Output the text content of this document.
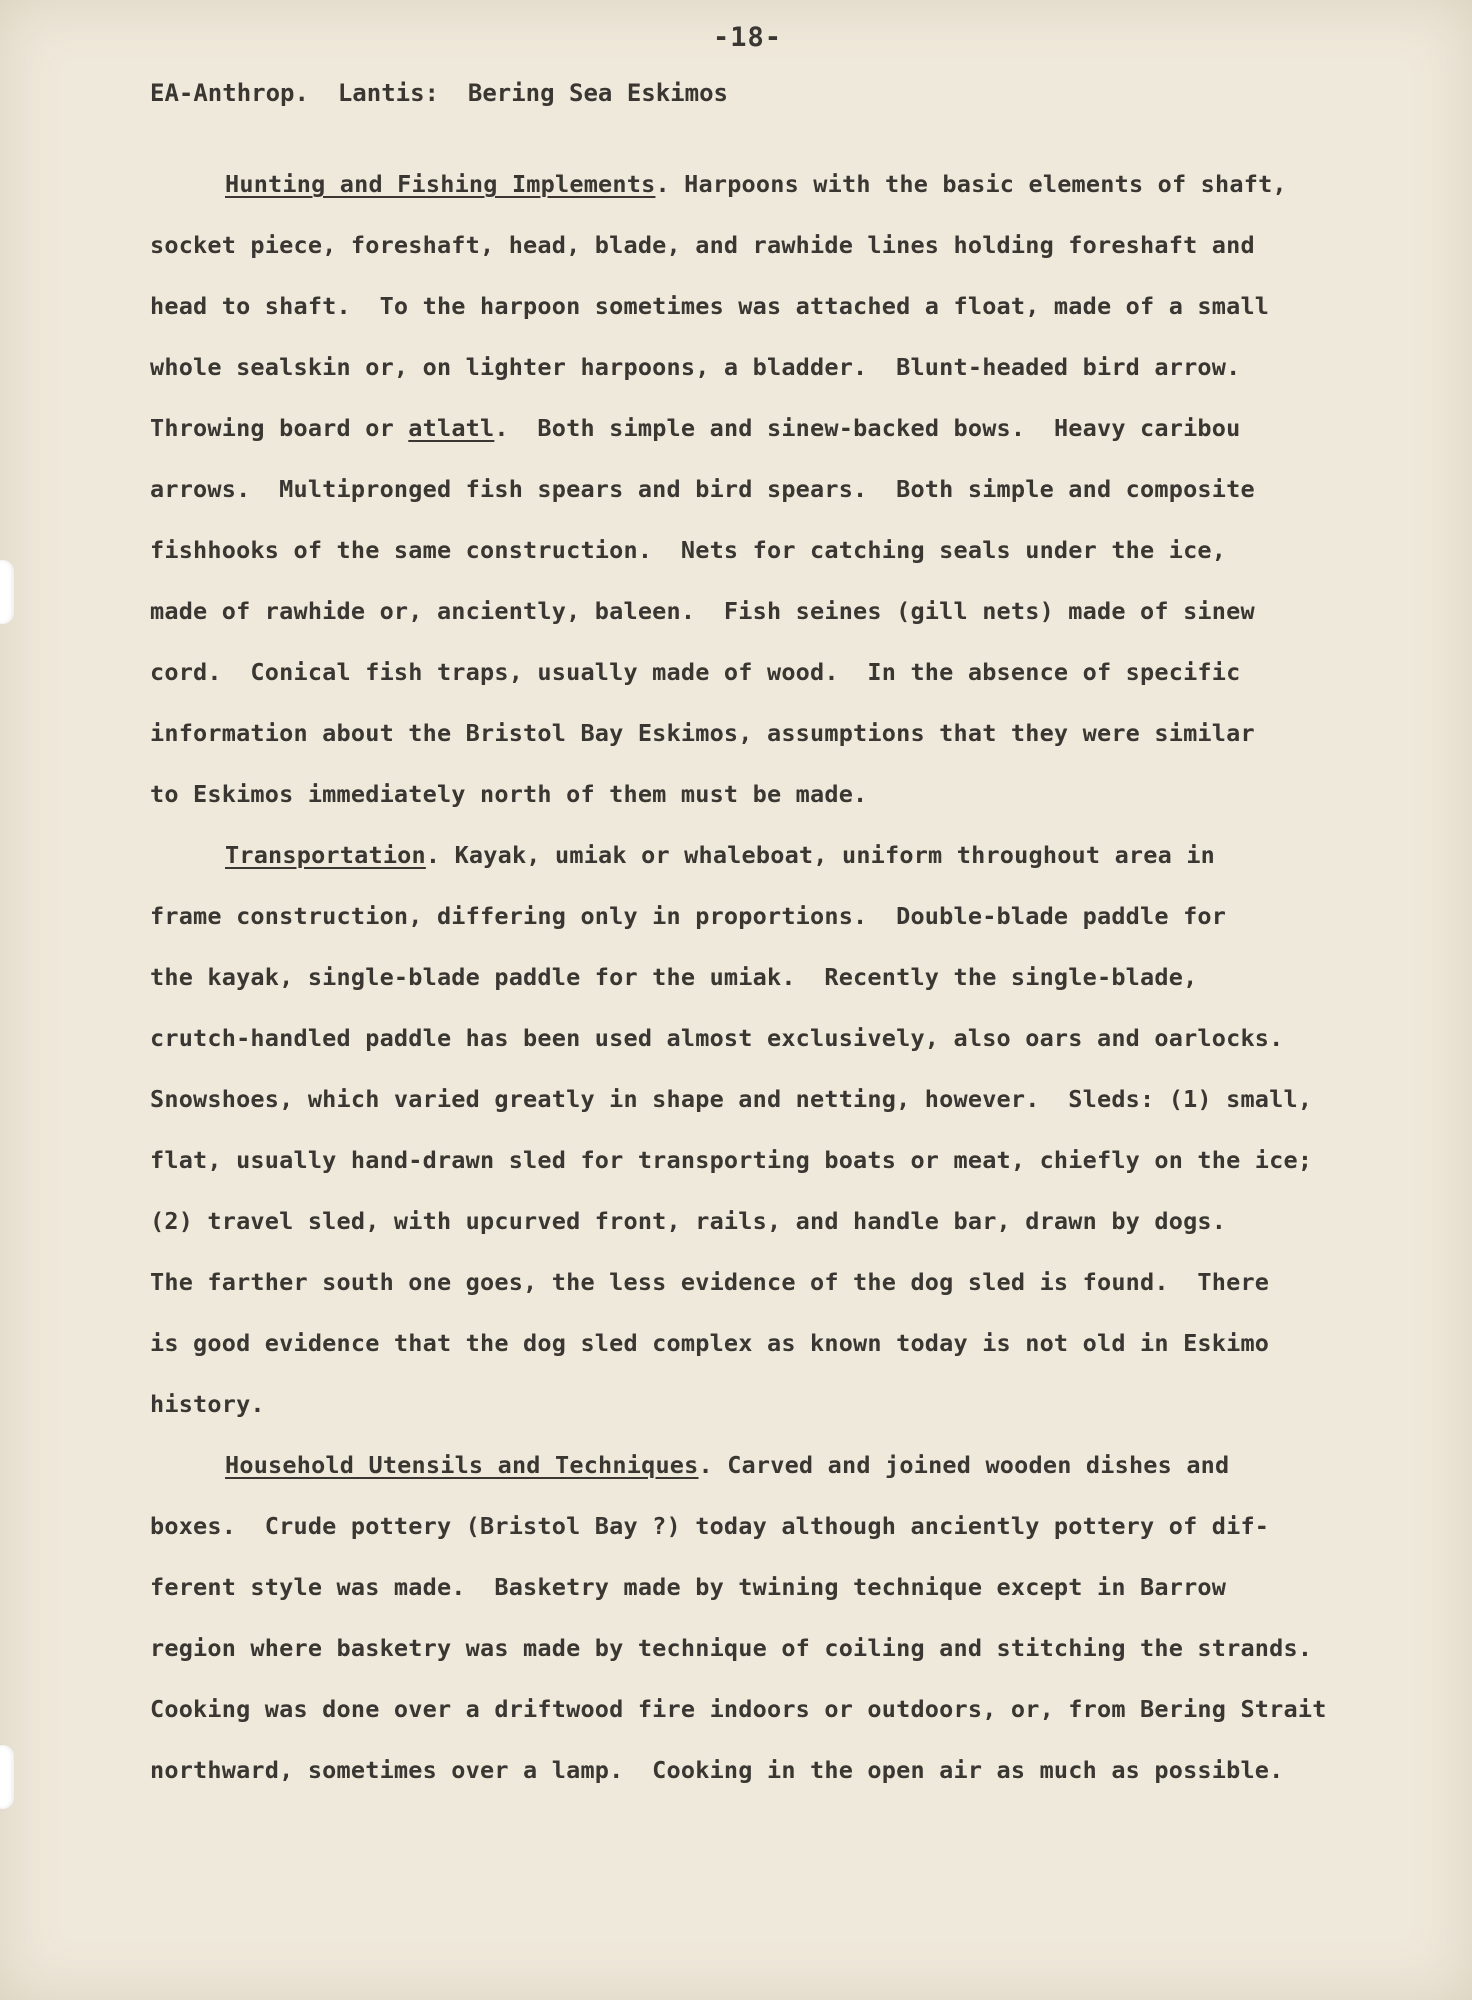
-18-
EA-Anthrop.  Lantis:  Bering Sea Eskimos
Hunting and Fishing Implements. Harpoons with the basic elements of shaft,
socket piece, foreshaft, head, blade, and rawhide lines holding foreshaft and
head to shaft.  To the harpoon sometimes was attached a float, made of a small
whole sealskin or, on lighter harpoons, a bladder.  Blunt-headed bird arrow.
Throwing board or atlatl.  Both simple and sinew-backed bows.  Heavy caribou
arrows.  Multipronged fish spears and bird spears.  Both simple and composite
fishhooks of the same construction.  Nets for catching seals under the ice,
made of rawhide or, anciently, baleen.  Fish seines (gill nets) made of sinew
cord.  Conical fish traps, usually made of wood.  In the absence of specific
information about the Bristol Bay Eskimos, assumptions that they were similar
to Eskimos immediately north of them must be made.
Transportation. Kayak, umiak or whaleboat, uniform throughout area in
frame construction, differing only in proportions.  Double-blade paddle for
the kayak, single-blade paddle for the umiak.  Recently the single-blade,
crutch-handled paddle has been used almost exclusively, also oars and oarlocks.
Snowshoes, which varied greatly in shape and netting, however.  Sleds: (1) small,
flat, usually hand-drawn sled for transporting boats or meat, chiefly on the ice;
(2) travel sled, with upcurved front, rails, and handle bar, drawn by dogs.
The farther south one goes, the less evidence of the dog sled is found.  There
is good evidence that the dog sled complex as known today is not old in Eskimo
history.
Household Utensils and Techniques. Carved and joined wooden dishes and
boxes.  Crude pottery (Bristol Bay ?) today although anciently pottery of dif-
ferent style was made.  Basketry made by twining technique except in Barrow
region where basketry was made by technique of coiling and stitching the strands.
Cooking was done over a driftwood fire indoors or outdoors, or, from Bering Strait
northward, sometimes over a lamp.  Cooking in the open air as much as possible.
